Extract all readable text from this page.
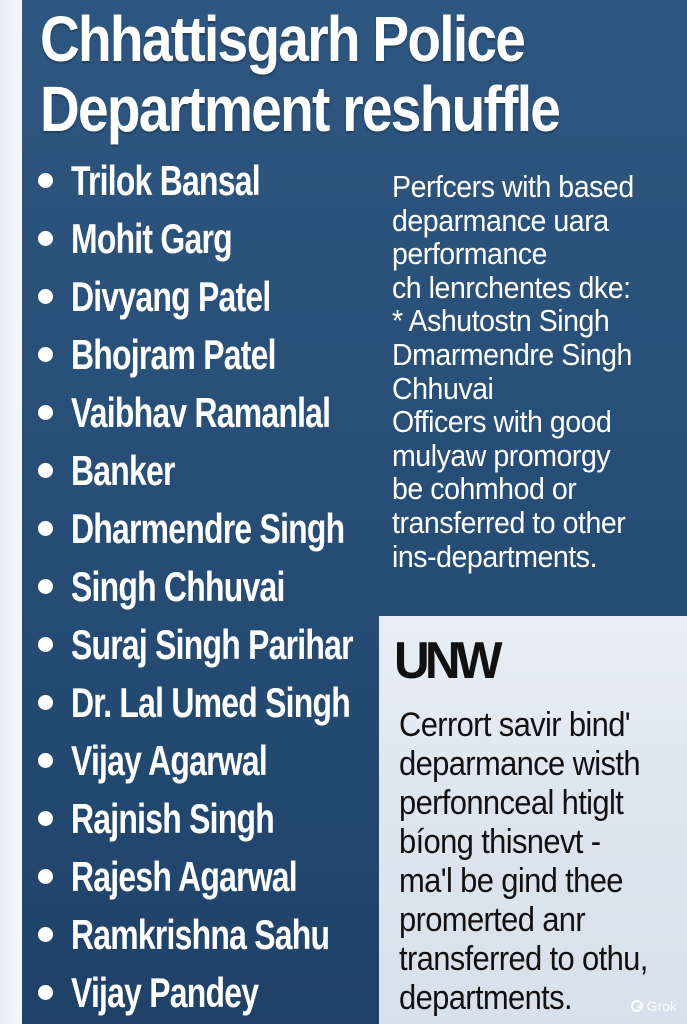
Chhattisgarh Police
Department reshuffle
Trilok Bansal
Mohit Garg
Divyang Patel
Bhojram Patel
Vaibhav Ramanlal
Banker
Dharmendre Singh
Singh Chhuvai
Suraj Singh Parihar
Dr. Lal Umed Singh
Vijay Agarwal
Rajnish Singh
Rajesh Agarwal
Ramkrishna Sahu
Vijay Pandey
Perfcers with based
deparmance uara
performance
ch lenrchentes dke:
* Ashutostn Singh
Dmarmendre Singh
Chhuvai
Officers with good
mulyaw promorgy
be cohmhod or
transferred to other
ins-departments.
UNW
Cerrort savir bind'
deparmance wisth
perfonnceal htiglt
bíong thisnevt -
ma'l be gind thee
promerted anr
transferred to othu,
departments.	Grok
